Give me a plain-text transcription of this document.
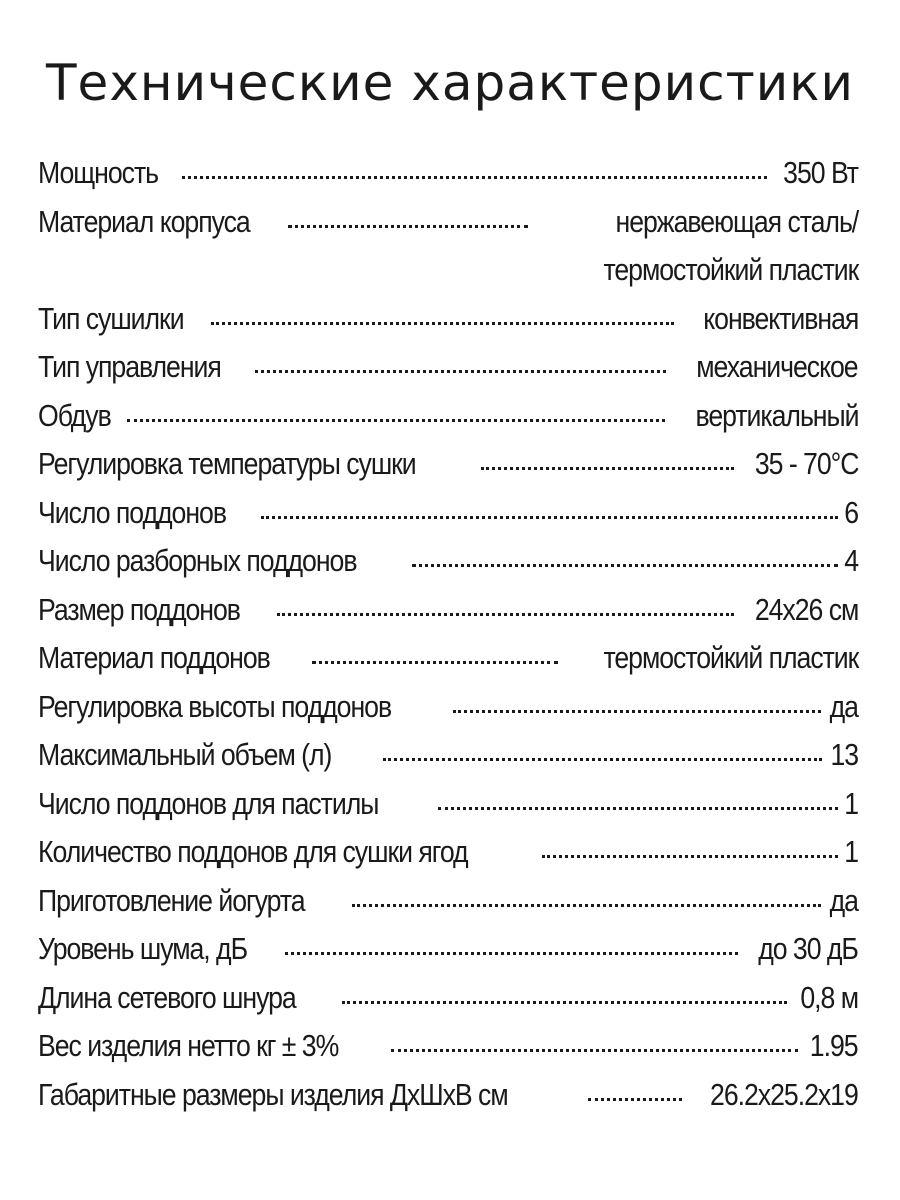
Технические характеристики
Мощность	350 Вт
Материал корпуса	нержавеющая сталь/
термостойкий пластик
Тип сушилки	конвективная
Тип управления	механическое
Обдув	вертикальный
Регулировка температуры сушки	35 - 70°С
Число поддонов	6
Число разборных поддонов	4
Размер поддонов	24х26 см
Материал поддонов	термостойкий пластик
Регулировка высоты поддонов	да
Максимальный объем (л)	13
Число поддонов для пастилы	1
Количество поддонов для сушки ягод	1
Приготовление йогурта	да
Уровень шума, дБ	до 30 дБ
Длина сетевого шнура	0,8 м
Вес изделия нетто кг ± 3%	1.95
Габаритные размеры изделия ДхШхВ см	26.2х25.2х19
